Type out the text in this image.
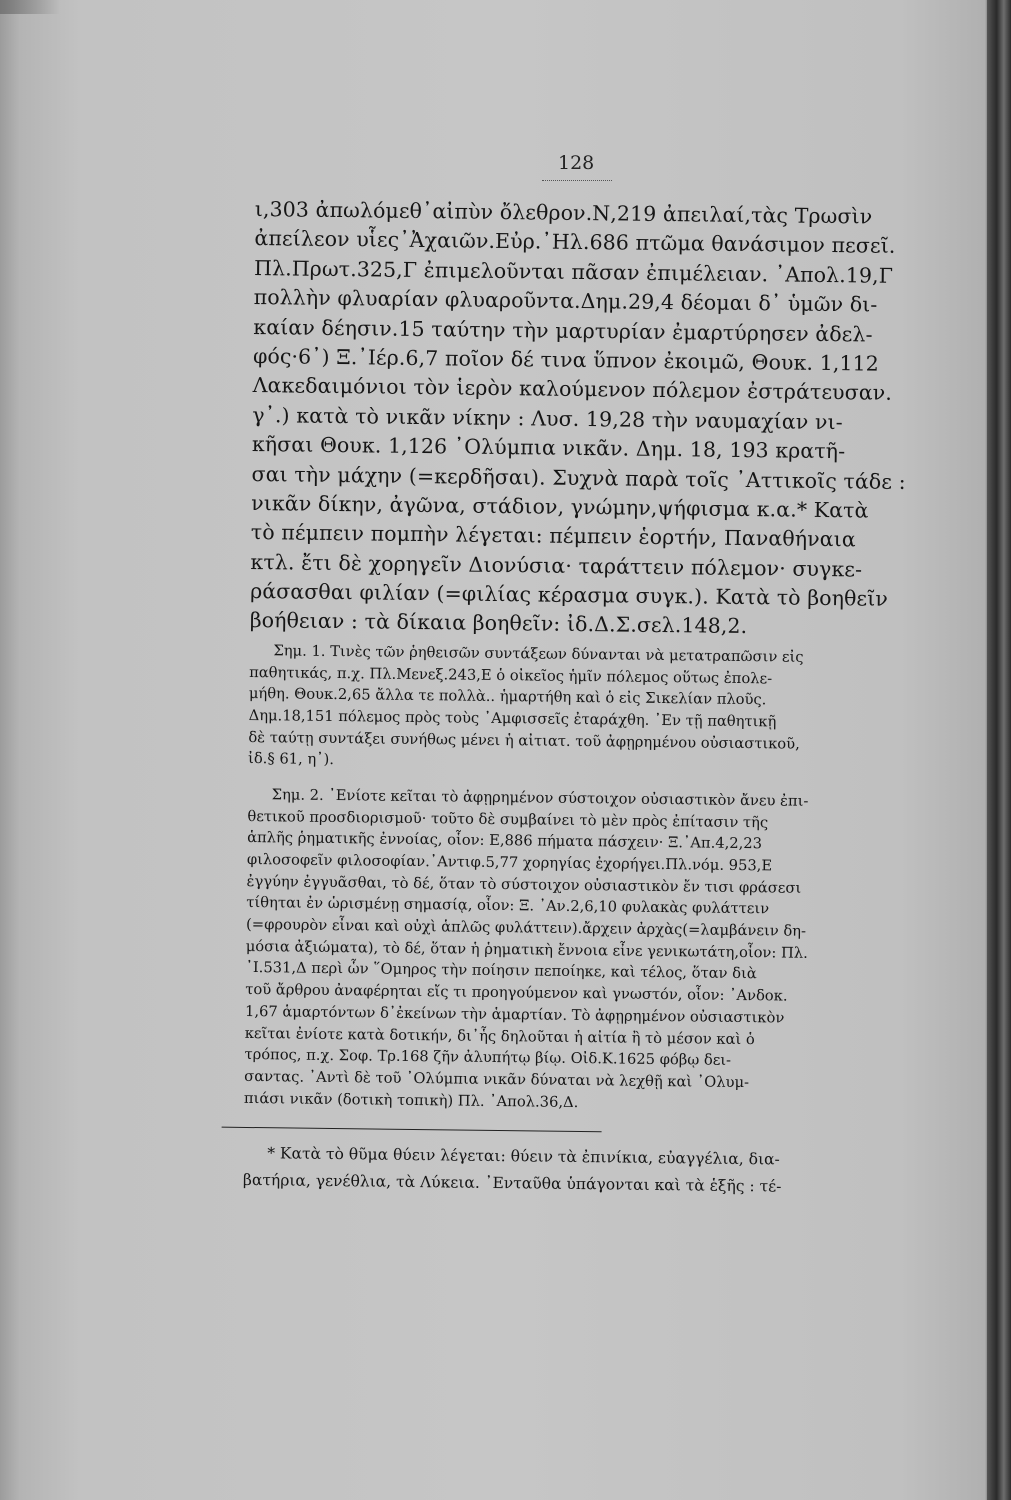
128
ι,303 ἀπωλόμεθ᾽αἰπὺν ὄλεθρον.Ν,219 ἀπειλαί,τὰς Τρωσὶν
ἀπείλεον υἷες᾽Ἀχαιῶν.Εὐρ.᾽Ηλ.686 πτῶμα θανάσιμον πεσεῖ.
Πλ.Πρωτ.325,Γ ἐπιμελοῦνται πᾶσαν ἐπιμέλειαν. ᾽Απολ.19,Γ
πολλὴν φλυαρίαν φλυαροῦντα.Δημ.29,4 δέομαι δ᾽ ὑμῶν δι-
καίαν δέησιν.15 ταύτην τὴν μαρτυρίαν ἐμαρτύρησεν ἀδελ-
φός·6᾽) Ξ.᾽Ιέρ.6,7 ποῖον δέ τινα ὕπνον ἐκοιμῶ, Θουκ. 1,112
Λακεδαιμόνιοι τὸν ἱερὸν καλούμενον πόλεμον ἐστράτευσαν.
γ᾽.) κατὰ τὸ νικᾶν νίκην : Λυσ. 19,28 τὴν ναυμαχίαν νι-
κῆσαι Θουκ. 1,126 ᾽Ολύμπια νικᾶν. Δημ. 18, 193 κρατῆ-
σαι τὴν μάχην (=κερδῆσαι). Συχνὰ παρὰ τοῖς ᾽Αττικοῖς τάδε :
νικᾶν δίκην, ἀγῶνα, στάδιον, γνώμην,ψήφισμα κ.α.* Κατὰ
τὸ πέμπειν πομπὴν λέγεται: πέμπειν ἑορτήν, Παναθήναια
κτλ. ἔτι δὲ χορηγεῖν Διονύσια· ταράττειν πόλεμον· συγκε-
ράσασθαι φιλίαν (=φιλίας κέρασμα συγκ.). Κατὰ τὸ βοηθεῖν
βοήθειαν : τὰ δίκαια βοηθεῖν: ἰδ.Δ.Σ.σελ.148,2.
Σημ. 1. Τινὲς τῶν ῥηθεισῶν συντάξεων δύνανται νὰ μετατραπῶσιν εἰς
παθητικάς, π.χ. Πλ.Μενεξ.243,Ε ὁ οἰκεῖος ἡμῖν πόλεμος οὕτως ἐπολε-
μήθη. Θουκ.2,65 ἄλλα τε πολλὰ.. ἡμαρτήθη καὶ ὁ εἰς Σικελίαν πλοῦς.
Δημ.18,151 πόλεμος πρὸς τοὺς ᾽Αμφισσεῖς ἐταράχθη. ᾽Εν τῇ παθητικῇ
δὲ ταύτῃ συντάξει συνήθως μένει ἡ αἰτιατ. τοῦ ἀφῃρημένου οὐσιαστικοῦ,
ἰδ.§ 61, η᾽).
Σημ. 2. ᾽Ενίοτε κεῖται τὸ ἀφῃρημένον σύστοιχον οὐσιαστικὸν ἄνευ ἐπι-
θετικοῦ προσδιορισμοῦ· τοῦτο δὲ συμβαίνει τὸ μὲν πρὸς ἐπίτασιν τῆς
ἁπλῆς ῥηματικῆς ἐννοίας, οἷον: Ε,886 πήματα πάσχειν· Ξ.᾽Απ.4,2,23
φιλοσοφεῖν φιλοσοφίαν.᾽Αντιφ.5,77 χορηγίας ἐχορήγει.Πλ.νόμ. 953,Ε
ἐγγύην ἐγγυᾶσθαι, τὸ δέ, ὅταν τὸ σύστοιχον οὐσιαστικὸν ἔν τισι φράσεσι
τίθηται ἐν ὡρισμένῃ σημασίᾳ, οἷον: Ξ. ᾽Αν.2,6,10 φυλακὰς φυλάττειν
(=φρουρὸν εἶναι καὶ οὐχὶ ἁπλῶς φυλάττειν).ἄρχειν ἀρχὰς(=λαμβάνειν δη-
μόσια ἀξιώματα), τὸ δέ, ὅταν ἡ ῥηματικὴ ἔννοια εἶνε γενικωτάτη,οἷον: Πλ.
᾽Ι.531,Δ περὶ ὧν ῞Ομηρος τὴν ποίησιν πεποίηκε, καὶ τέλος, ὅταν διὰ
τοῦ ἄρθρου ἀναφέρηται εἴς τι προηγούμενον καὶ γνωστόν, οἷον: ᾽Ανδοκ.
1,67 ἁμαρτόντων δ᾽ἐκείνων τὴν ἁμαρτίαν. Τὸ ἀφῃρημένον οὐσιαστικὸν
κεῖται ἐνίοτε κατὰ δοτικήν, δι᾽ἧς δηλοῦται ἡ αἰτία ἢ τὸ μέσον καὶ ὁ
τρόπος, π.χ. Σοφ. Τρ.168 ζῆν ἀλυπήτῳ βίῳ. Οἰδ.Κ.1625 φόβῳ δει-
σαντας. ᾽Αντὶ δὲ τοῦ ᾽Ολύμπια νικᾶν δύναται νὰ λεχθῇ καὶ ᾽Ολυμ-
πιάσι νικᾶν (δοτικὴ τοπικὴ) Πλ. ᾽Απολ.36,Δ.
* Κατὰ τὸ θῦμα θύειν λέγεται: θύειν τὰ ἐπινίκια, εὐαγγέλια, δια-
βατήρια, γενέθλια, τὰ Λύκεια. ᾽Ενταῦθα ὑπάγονται καὶ τὰ ἑξῆς : τέ-
